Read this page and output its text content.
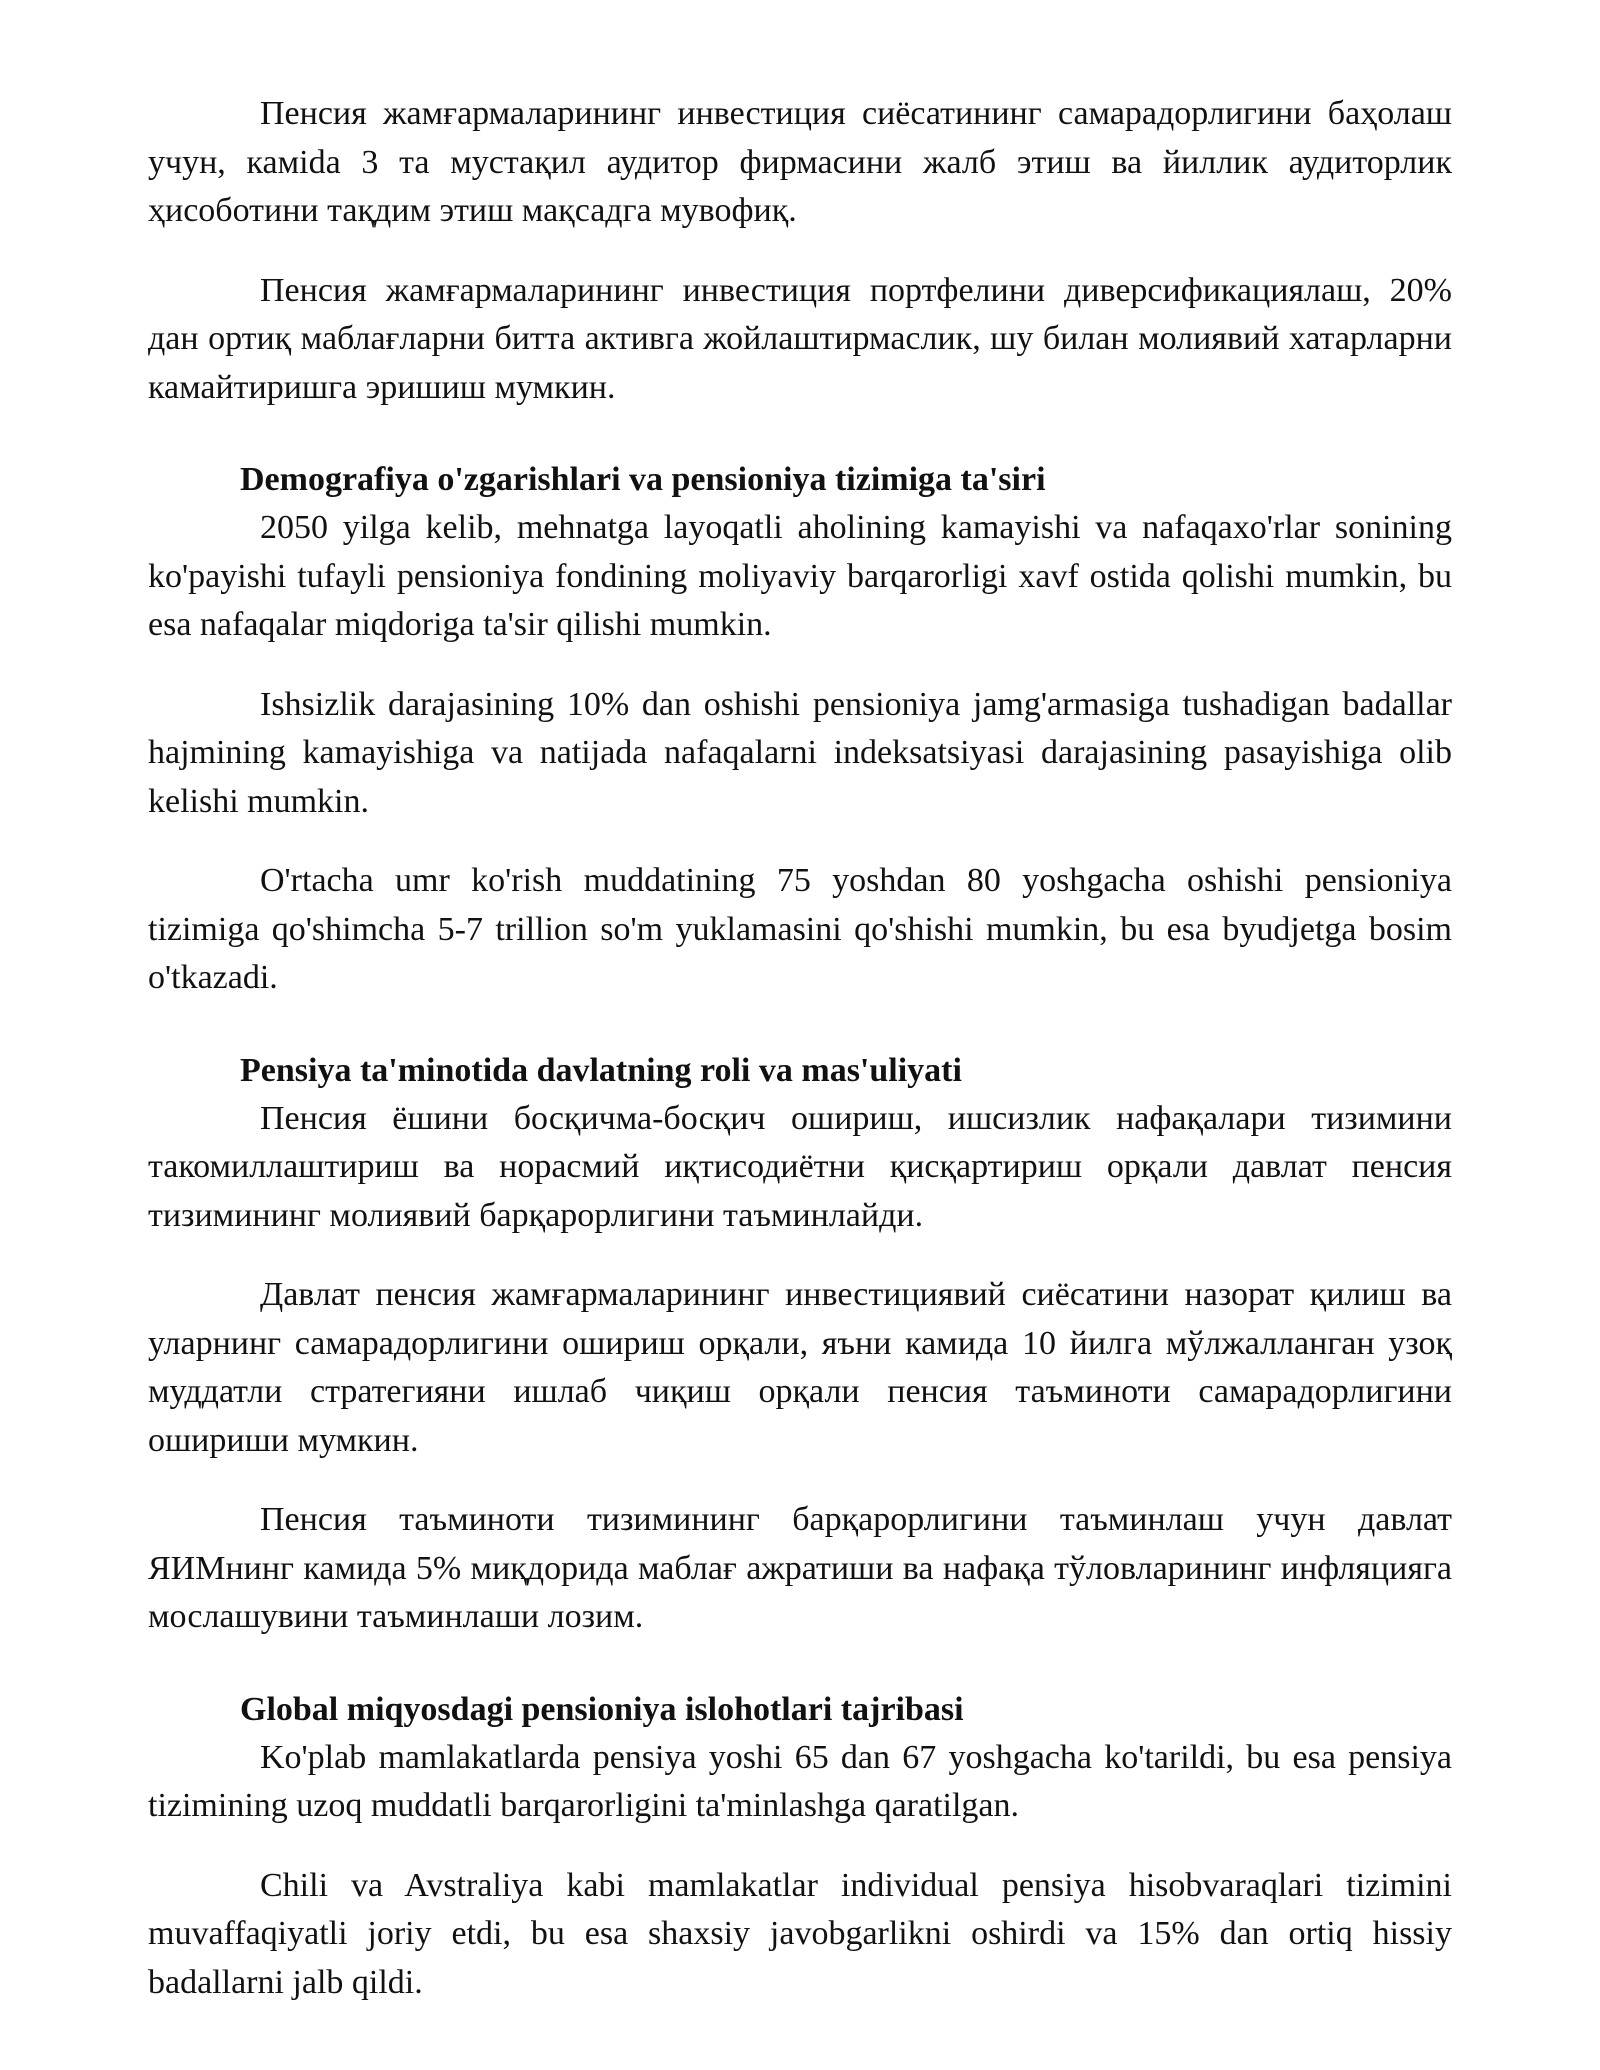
Пенсия жамғармаларининг инвестиция сиёсатининг самарадорлигини баҳолаш учун, камida 3 та мустақил аудитор фирмасини жалб этиш ва йиллик аудиторлик ҳисоботини тақдим этиш мақсадга мувофиқ.

Пенсия жамғармаларининг инвестиция портфелини диверсификациялаш, 20% дан ортиқ маблағларни битта активга жойлаштирмаслик, шу билан молиявий хатарларни камайтиришга эришиш мумкин.

Demografiya o'zgarishlari va pensioniya tizimiga ta'siri

2050 yilga kelib, mehnatga layoqatli aholining kamayishi va nafaqaxo'rlar sonining ko'payishi tufayli pensioniya fondining moliyaviy barqarorligi xavf ostida qolishi mumkin, bu esa nafaqalar miqdoriga ta'sir qilishi mumkin.

Ishsizlik darajasining 10% dan oshishi pensioniya jamg'armasiga tushadigan badallar hajmining kamayishiga va natijada nafaqalarni indeksatsiyasi darajasining pasayishiga olib kelishi mumkin.

O'rtacha umr ko'rish muddatining 75 yoshdan 80 yoshgacha oshishi pensioniya tizimiga qo'shimcha 5-7 trillion so'm yuklamasini qo'shishi mumkin, bu esa byudjetga bosim o'tkazadi.

Pensiya ta'minotida davlatning roli va mas'uliyati

Пенсия ёшини босқичма-босқич ошириш, ишсизлик нафақалари тизимини такомиллаштириш ва норасмий иқтисодиётни қисқартириш орқали давлат пенсия тизимининг молиявий барқарорлигини таъминлайди.

Давлат пенсия жамғармаларининг инвестициявий сиёсатини назорат қилиш ва уларнинг самарадорлигини ошириш орқали, яъни камида 10 йилга мўлжалланган узоқ муддатли стратегияни ишлаб чиқиш орқали пенсия таъминоти самарадорлигини ошириши мумкин.

Пенсия таъминоти тизимининг барқарорлигини таъминлаш учун давлат ЯИМнинг камида 5% миқдорида маблағ ажратиши ва нафақа тўловларининг инфляцияга мослашувини таъминлаши лозим.

Global miqyosdagi pensioniya islohotlari tajribasi

Ko'plab mamlakatlarda pensiya yoshi 65 dan 67 yoshgacha ko'tarildi, bu esa pensiya tizimining uzoq muddatli barqarorligini ta'minlashga qaratilgan.

Chili va Avstraliya kabi mamlakatlar individual pensiya hisobvaraqlari tizimini muvaffaqiyatli joriy etdi, bu esa shaxsiy javobgarlikni oshirdi va 15% dan ortiq hissiy badallarni jalb qildi.
